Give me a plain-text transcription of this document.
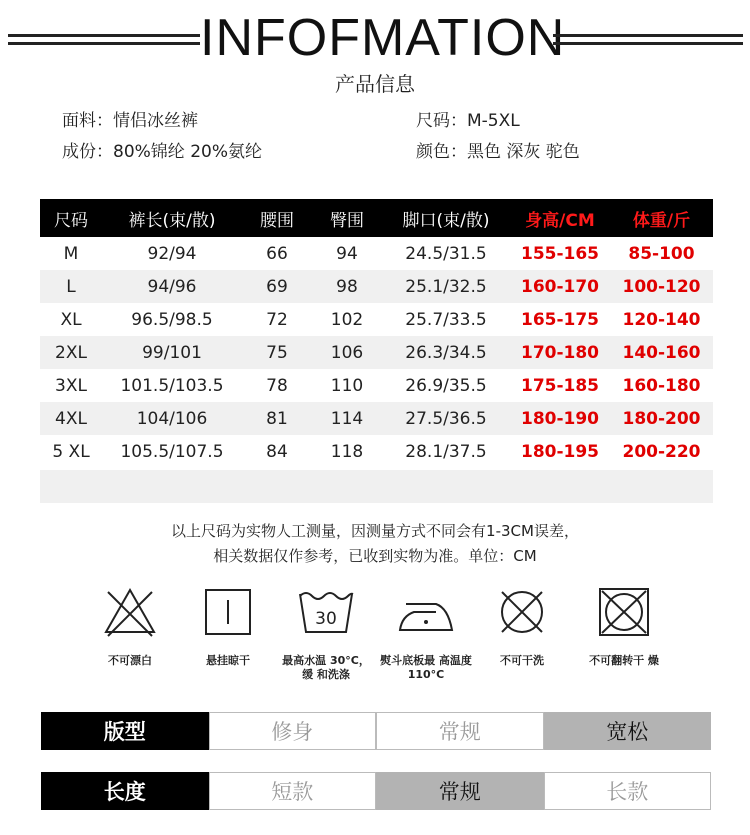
INFOFMATION
产品信息
面料：情侣冰丝裤	尺码：M-5XL
成份：80%锦纶 20%氨纶	颜色：黑色 深灰 驼色
尺码	裤长(束/散)	腰围	臀围	脚口(束/散)	身高/CM	体重/斤
M	92/94	66	94	24.5/31.5	155-165	85-100
L	94/96	69	98	25.1/32.5	160-170	100-120
XL	96.5/98.5	72	102	25.7/33.5	165-175	120-140
2XL	99/101	75	106	26.3/34.5	170-180	140-160
3XL	101.5/103.5	78	110	26.9/35.5	175-185	160-180
4XL	104/106	81	114	27.5/36.5	180-190	180-200
5 XL	105.5/107.5	84	118	28.1/37.5	180-195	200-220
以上尺码为实物人工测量，因测量方式不同会有1-3CM误差，
相关数据仅作参考，已收到实物为准。单位：CM
不可漂白	悬挂晾干
30
最高水温 30°C，缓 和洗涤
熨斗底板最 高温度 110°C
不可干洗	不可翻转干 燥
版型	修身	常规	宽松
长度	短款	常规	长款
